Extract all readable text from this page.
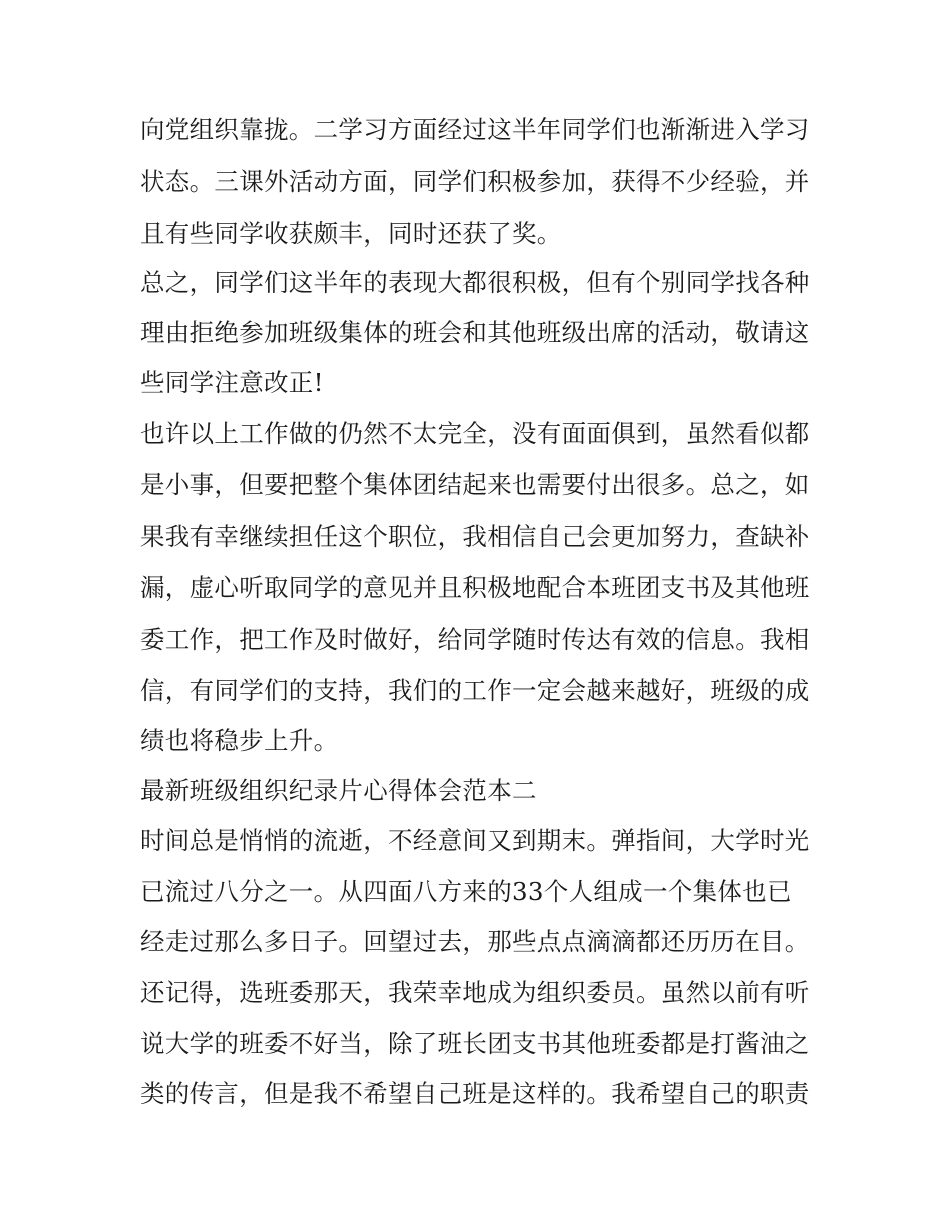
向党组织靠拢。二学习方面经过这半年同学们也渐渐进入学习
状态。三课外活动方面，同学们积极参加，获得不少经验，并
且有些同学收获颇丰，同时还获了奖。
总之，同学们这半年的表现大都很积极，但有个别同学找各种
理由拒绝参加班级集体的班会和其他班级出席的活动，敬请这
些同学注意改正!
也许以上工作做的仍然不太完全，没有面面俱到，虽然看似都
是小事，但要把整个集体团结起来也需要付出很多。总之，如
果我有幸继续担任这个职位，我相信自己会更加努力，查缺补
漏，虚心听取同学的意见并且积极地配合本班团支书及其他班
委工作，把工作及时做好，给同学随时传达有效的信息。我相
信，有同学们的支持，我们的工作一定会越来越好，班级的成
绩也将稳步上升。
最新班级组织纪录片心得体会范本二
时间总是悄悄的流逝，不经意间又到期末。弹指间，大学时光
已流过八分之一。从四面八方来的33个人组成一个集体也已
经走过那么多日子。回望过去，那些点点滴滴都还历历在目。
还记得，选班委那天，我荣幸地成为组织委员。虽然以前有听
说大学的班委不好当，除了班长团支书其他班委都是打酱油之
类的传言，但是我不希望自己班是这样的。我希望自己的职责
